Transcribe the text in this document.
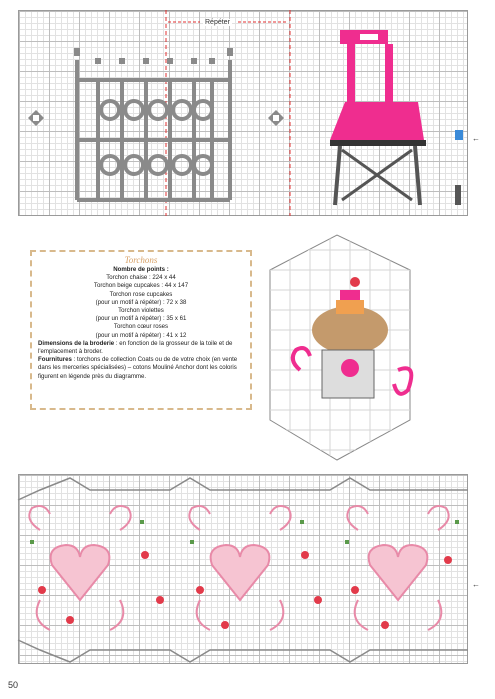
Répéter
←
←

Torchons

Nombre de points :

Torchon chaise : 224 x 44

Torchon beige cupcakes : 44 x 147

Torchon rose cupcakes

(pour un motif à répéter) : 72 x 38

Torchon violettes

(pour un motif à répéter) : 35 x 61

Torchon cœur roses

(pour un motif à répéter) : 41 x 12

Dimensions de la broderie : en fonction de la grosseur de la toile et de l'emplacement à broder.

Fournitures : torchons de collection Coats ou de de votre choix (en vente dans les merceries spécialisées) – cotons Mouliné Anchor dont les coloris figurent en légende près du diagramme.

50
